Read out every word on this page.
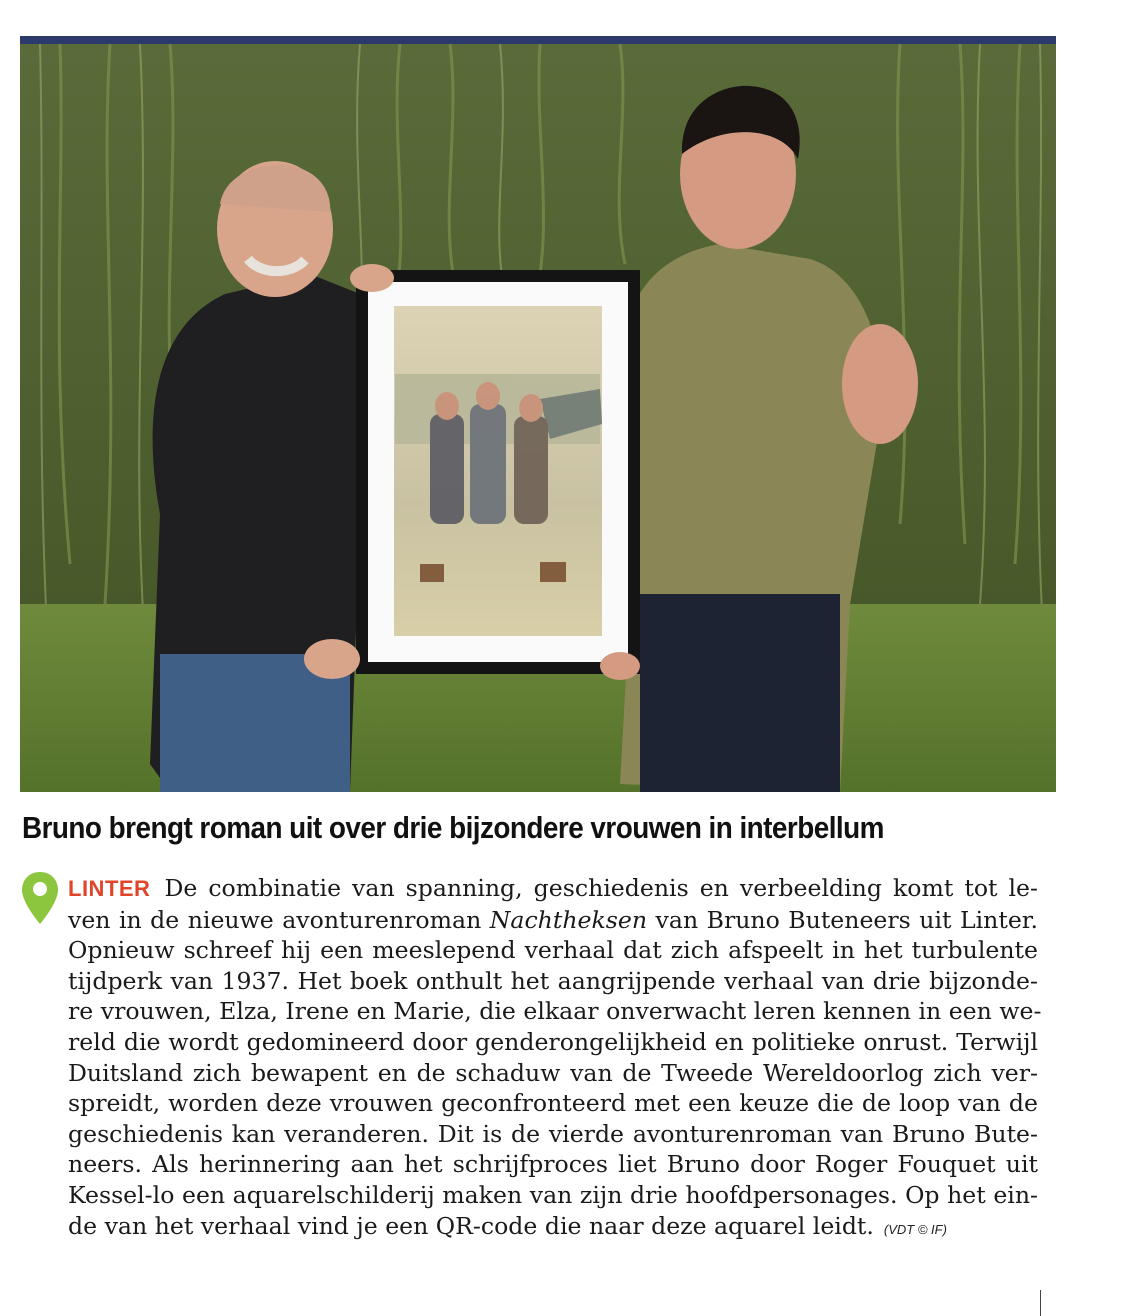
Bruno brengt roman uit over drie bijzondere vrouwen in interbellum
LINTER De combinatie van spanning, geschiedenis en verbeelding komt tot le-
ven in de nieuwe avonturenroman Nachtheksen van Bruno Buteneers uit Linter.
Opnieuw schreef hij een meeslepend verhaal dat zich afspeelt in het turbulente
tijdperk van 1937. Het boek onthult het aangrijpende verhaal van drie bijzonde-
re vrouwen, Elza, Irene en Marie, die elkaar onverwacht leren kennen in een we-
reld die wordt gedomineerd door genderongelijkheid en politieke onrust. Terwijl
Duitsland zich bewapent en de schaduw van de Tweede Wereldoorlog zich ver-
spreidt, worden deze vrouwen geconfronteerd met een keuze die de loop van de
geschiedenis kan veranderen. Dit is de vierde avonturenroman van Bruno Bute-
neers. Als herinnering aan het schrijfproces liet Bruno door Roger Fouquet uit
Kessel-lo een aquarelschilderij maken van zijn drie hoofdpersonages. Op het ein-
de van het verhaal vind je een QR-code die naar deze aquarel leidt. (VDT © IF)
